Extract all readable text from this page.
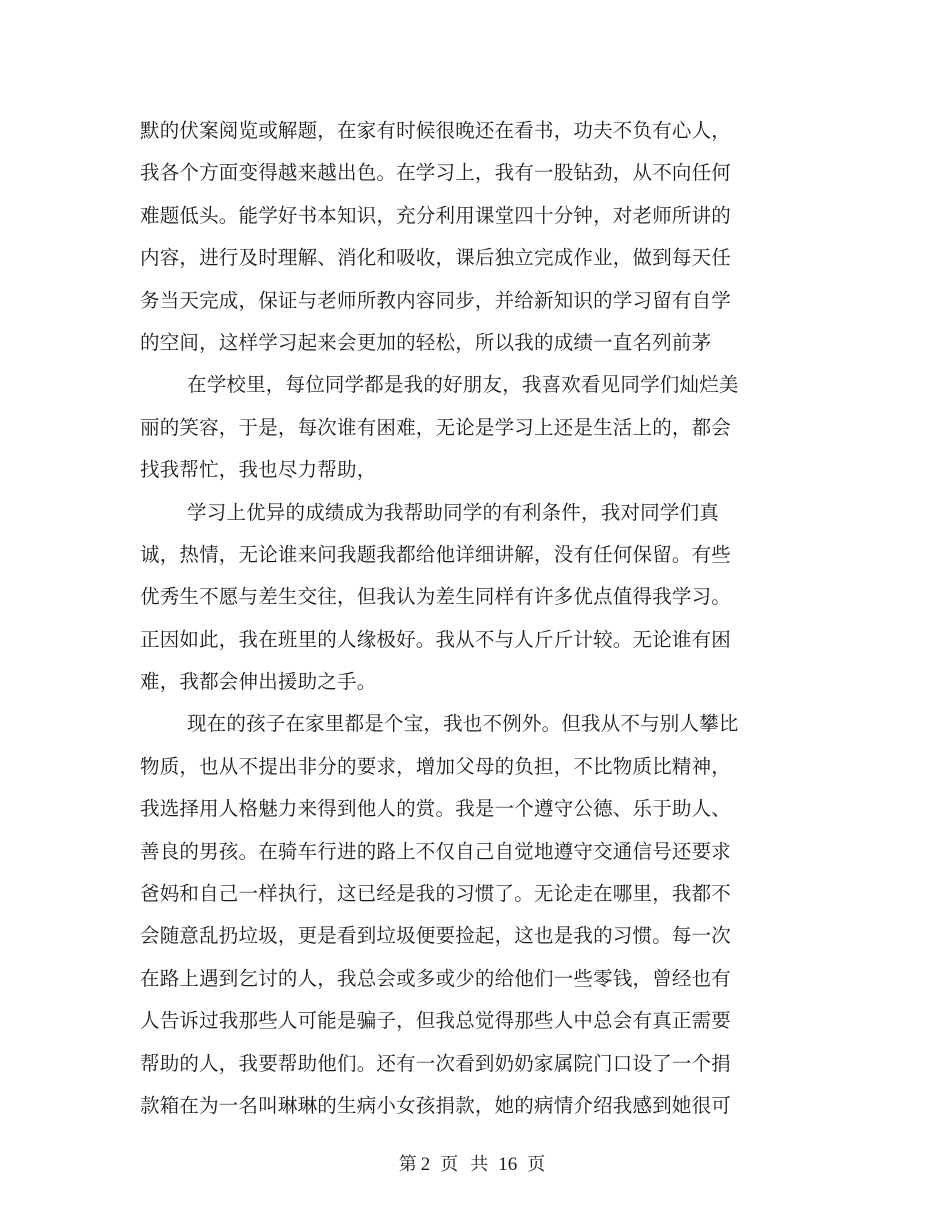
默的伏案阅览或解题，在家有时候很晚还在看书，功夫不负有心人，
我各个方面变得越来越出色。在学习上，我有一股钻劲，从不向任何
难题低头。能学好书本知识，充分利用课堂四十分钟，对老师所讲的
内容，进行及时理解、消化和吸收，课后独立完成作业，做到每天任
务当天完成，保证与老师所教内容同步，并给新知识的学习留有自学
的空间，这样学习起来会更加的轻松，所以我的成绩一直名列前茅
在学校里，每位同学都是我的好朋友，我喜欢看见同学们灿烂美
丽的笑容，于是，每次谁有困难，无论是学习上还是生活上的，都会
找我帮忙，我也尽力帮助，
学习上优异的成绩成为我帮助同学的有利条件，我对同学们真
诚，热情，无论谁来问我题我都给他详细讲解，没有任何保留。有些
优秀生不愿与差生交往，但我认为差生同样有许多优点值得我学习。
正因如此，我在班里的人缘极好。我从不与人斤斤计较。无论谁有困
难，我都会伸出援助之手。
现在的孩子在家里都是个宝，我也不例外。但我从不与别人攀比
物质，也从不提出非分的要求，增加父母的负担，不比物质比精神，
我选择用人格魅力来得到他人的赏。我是一个遵守公德、乐于助人、
善良的男孩。在骑车行进的路上不仅自己自觉地遵守交通信号还要求
爸妈和自己一样执行，这已经是我的习惯了。无论走在哪里，我都不
会随意乱扔垃圾，更是看到垃圾便要捡起，这也是我的习惯。每一次
在路上遇到乞讨的人，我总会或多或少的给他们一些零钱，曾经也有
人告诉过我那些人可能是骗子，但我总觉得那些人中总会有真正需要
帮助的人，我要帮助他们。还有一次看到奶奶家属院门口设了一个捐
款箱在为一名叫琳琳的生病小女孩捐款，她的病情介绍我感到她很可
第 2 页 共 16 页
